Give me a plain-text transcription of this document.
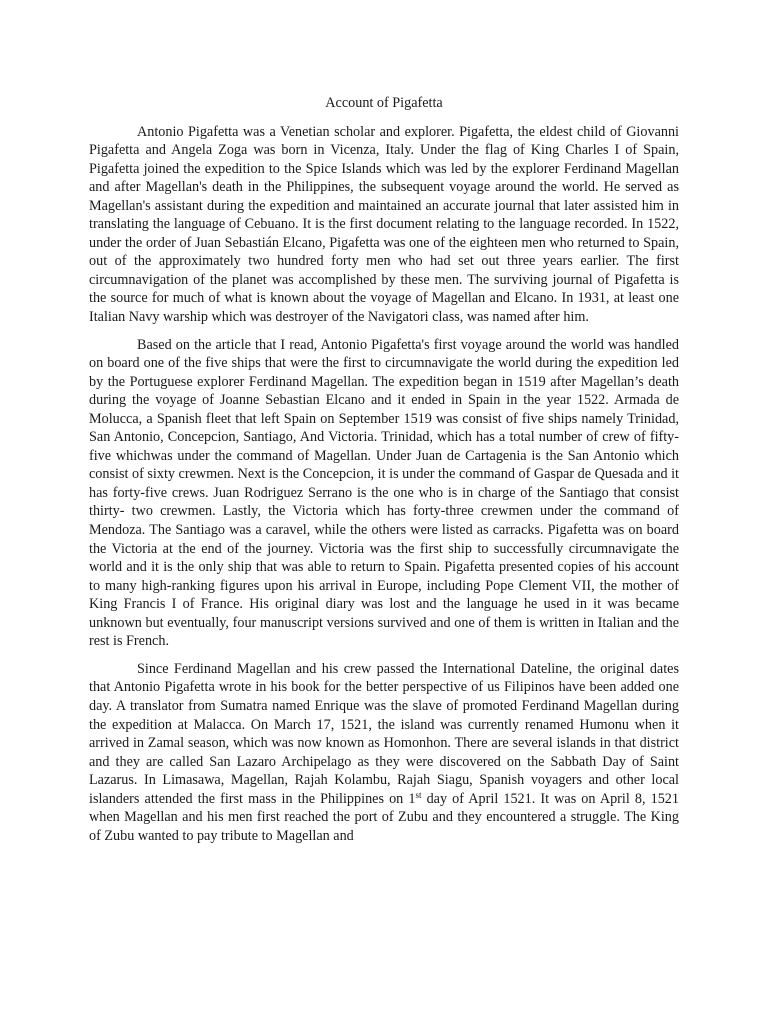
Account of Pigafetta

Antonio Pigafetta was a Venetian scholar and explorer. Pigafetta, the eldest child of Giovanni Pigafetta and Angela Zoga was born in Vicenza, Italy. Under the flag of King Charles I of Spain, Pigafetta joined the expedition to the Spice Islands which was led by the explorer Ferdinand Magellan and after Magellan's death in the Philippines, the subsequent voyage around the world. He served as Magellan's assistant during the expedition and maintained an accurate journal that later assisted him in translating the language of Cebuano. It is the first document relating to the language recorded. In 1522, under the order of Juan Sebastián Elcano, Pigafetta was one of the eighteen men who returned to Spain, out of the approximately two hundred forty men who had set out three years earlier. The first circumnavigation of the planet was accomplished by these men. The surviving journal of Pigafetta is the source for much of what is known about the voyage of Magellan and Elcano. In 1931, at least one Italian Navy warship which was destroyer of the Navigatori class, was named after him.

Based on the article that I read, Antonio Pigafetta's first voyage around the world was handled on board one of the five ships that were the first to circumnavigate the world during the expedition led by the Portuguese explorer Ferdinand Magellan. The expedition began in 1519 after Magellan’s death during the voyage of Joanne Sebastian Elcano and it ended in Spain in the year 1522. Armada de Molucca, a Spanish fleet that left Spain on September 1519 was consist of five ships namely Trinidad, San Antonio, Concepcion, Santiago, And Victoria. Trinidad, which has a total number of crew of fifty-five whichwas under the command of Magellan. Under Juan de Cartagenia is the San Antonio which consist of sixty crewmen. Next is the Concepcion, it is under the command of Gaspar de Quesada and it has forty-five crews. Juan Rodriguez Serrano is the one who is in charge of the Santiago that consist thirty- two crewmen. Lastly, the Victoria which has forty-three crewmen under the command of Mendoza. The Santiago was a caravel, while the others were listed as carracks. Pigafetta was on board the Victoria at the end of the journey. Victoria was the first ship to successfully circumnavigate the world and it is the only ship that was able to return to Spain. Pigafetta presented copies of his account to many high-ranking figures upon his arrival in Europe, including Pope Clement VII, the mother of King Francis I of France. His original diary was lost and the language he used in it was became unknown but eventually, four manuscript versions survived and one of them is written in Italian and the rest is French.

Since Ferdinand Magellan and his crew passed the International Dateline, the original dates that Antonio Pigafetta wrote in his book for the better perspective of us Filipinos have been added one day. A translator from Sumatra named Enrique was the slave of promoted Ferdinand Magellan during the expedition at Malacca. On March 17, 1521, the island was currently renamed Humonu when it arrived in Zamal season, which was now known as Homonhon. There are several islands in that district and they are called San Lazaro Archipelago as they were discovered on the Sabbath Day of Saint Lazarus. In Limasawa, Magellan, Rajah Kolambu, Rajah Siagu, Spanish voyagers and other local islanders attended the first mass in the Philippines on 1st day of April 1521. It was on April 8, 1521 when Magellan and his men first reached the port of Zubu and they encountered a struggle. The King of Zubu wanted to pay tribute to Magellan and
